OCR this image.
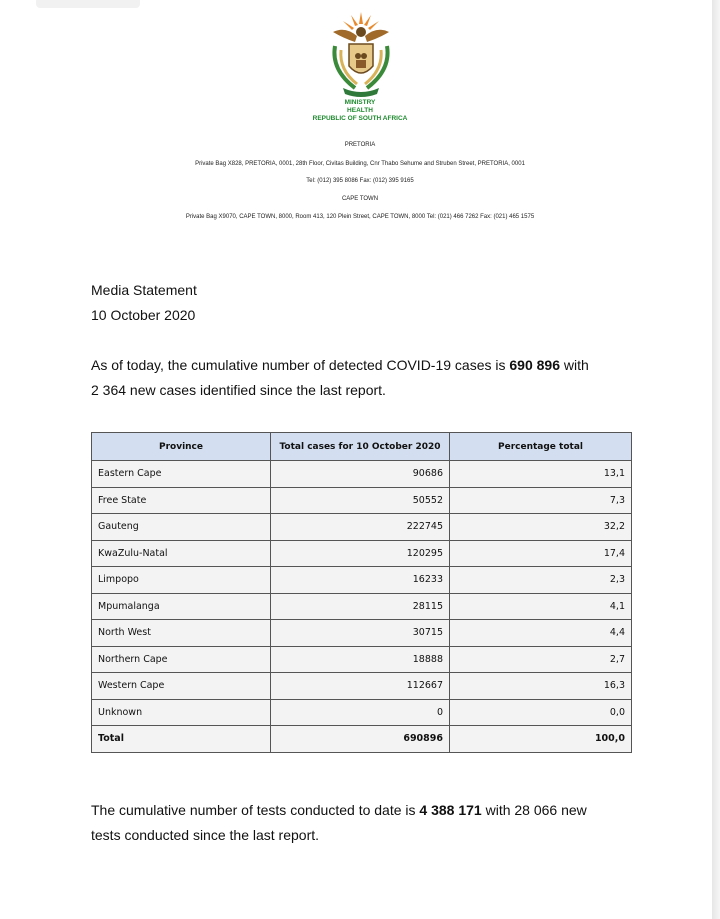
MINISTRY
HEALTH
REPUBLIC OF SOUTH AFRICA
PRETORIA
Private Bag X828, PRETORIA, 0001, 28th Floor, Civitas Building, Cnr Thabo Sehume and Struben Street, PRETORIA, 0001
Tel: (012) 395 8086 Fax: (012) 395 9165
CAPE TOWN
Private Bag X9070, CAPE TOWN, 8000, Room 413, 120 Plein Street, CAPE TOWN, 8000 Tel: (021) 466 7262 Fax: (021) 465 1575
Media Statement
10 October 2020
As of today, the cumulative number of detected COVID-19 cases is 690 896 with
2 364 new cases identified since the last report.
Province	Total cases for 10 October 2020	Percentage total
Eastern Cape	90686	13,1
Free State	50552	7,3
Gauteng	222745	32,2
KwaZulu-Natal	120295	17,4
Limpopo	16233	2,3
Mpumalanga	28115	4,1
North West	30715	4,4
Northern Cape	18888	2,7
Western Cape	112667	16,3
Unknown	0	0,0
Total	690896	100,0
The cumulative number of tests conducted to date is 4 388 171 with 28 066 new
tests conducted since the last report.
